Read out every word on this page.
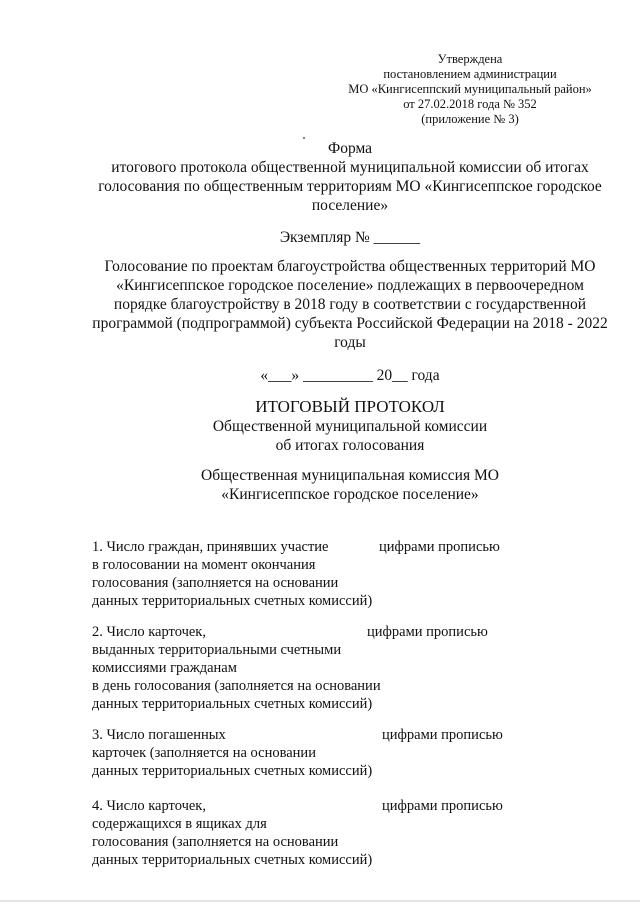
Утверждена
постановлением администрации
МО «Кингисеппский муниципальный район»
от 27.02.2018 года № 352
(приложение № 3)
Форма
итогового протокола общественной муниципальной комиссии об итогах
голосования по общественным территориям МО «Кингисеппское городское
поселение»
Экземпляр № ______
Голосование по проектам благоустройства общественных территорий МО
«Кингисеппское городское поселение» подлежащих в первоочередном
порядке благоустройству в 2018 году в соответствии с государственной
программой (подпрограммой) субъекта Российской Федерации на 2018 - 2022
годы
«___» _________ 20__ года
ИТОГОВЫЙ ПРОТОКОЛ
Общественной муниципальной комиссии
об итогах голосования
Общественная муниципальная комиссия МО
«Кингисеппское городское поселение»
1. Число граждан, принявших участие
в голосовании на момент окончания
голосования (заполняется на основании
данных территориальных счетных комиссий)
цифрами прописью
2. Число карточек,
выданных территориальными счетными
комиссиями гражданам
в день голосования (заполняется на основании
данных территориальных счетных комиссий)
цифрами прописью
3. Число погашенных
карточек (заполняется на основании
данных территориальных счетных комиссий)
цифрами прописью
4. Число карточек,
содержащихся в ящиках для
голосования (заполняется на основании
данных территориальных счетных комиссий)
цифрами прописью
